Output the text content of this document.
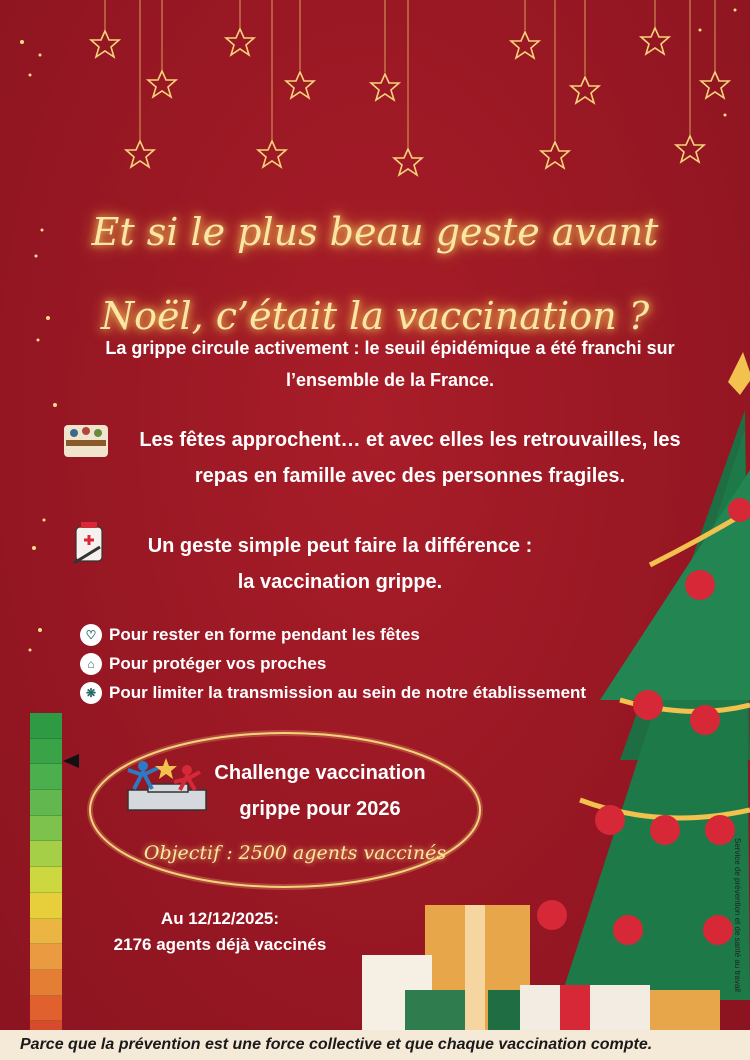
Et si le plus beau geste avant
Noël, c’était la vaccination ?
La grippe circule activement : le seuil épidémique a été franchi sur l’ensemble de la France.
Les fêtes approchent… et avec elles les retrouvailles, les repas en famille avec des personnes fragiles.
Un geste simple peut faire la différence :
la vaccination grippe.
♡ Pour rester en forme pendant les fêtes
⌂ Pour protéger vos proches
❋ Pour limiter la transmission au sein de notre établissement
Challenge vaccination
grippe pour 2026
Objectif : 2500 agents vaccinés
Au 12/12/2025:
2176 agents déjà vaccinés	Service de prévention et de santé au travail
Parce que la prévention est une force collective et que chaque vaccination compte.
